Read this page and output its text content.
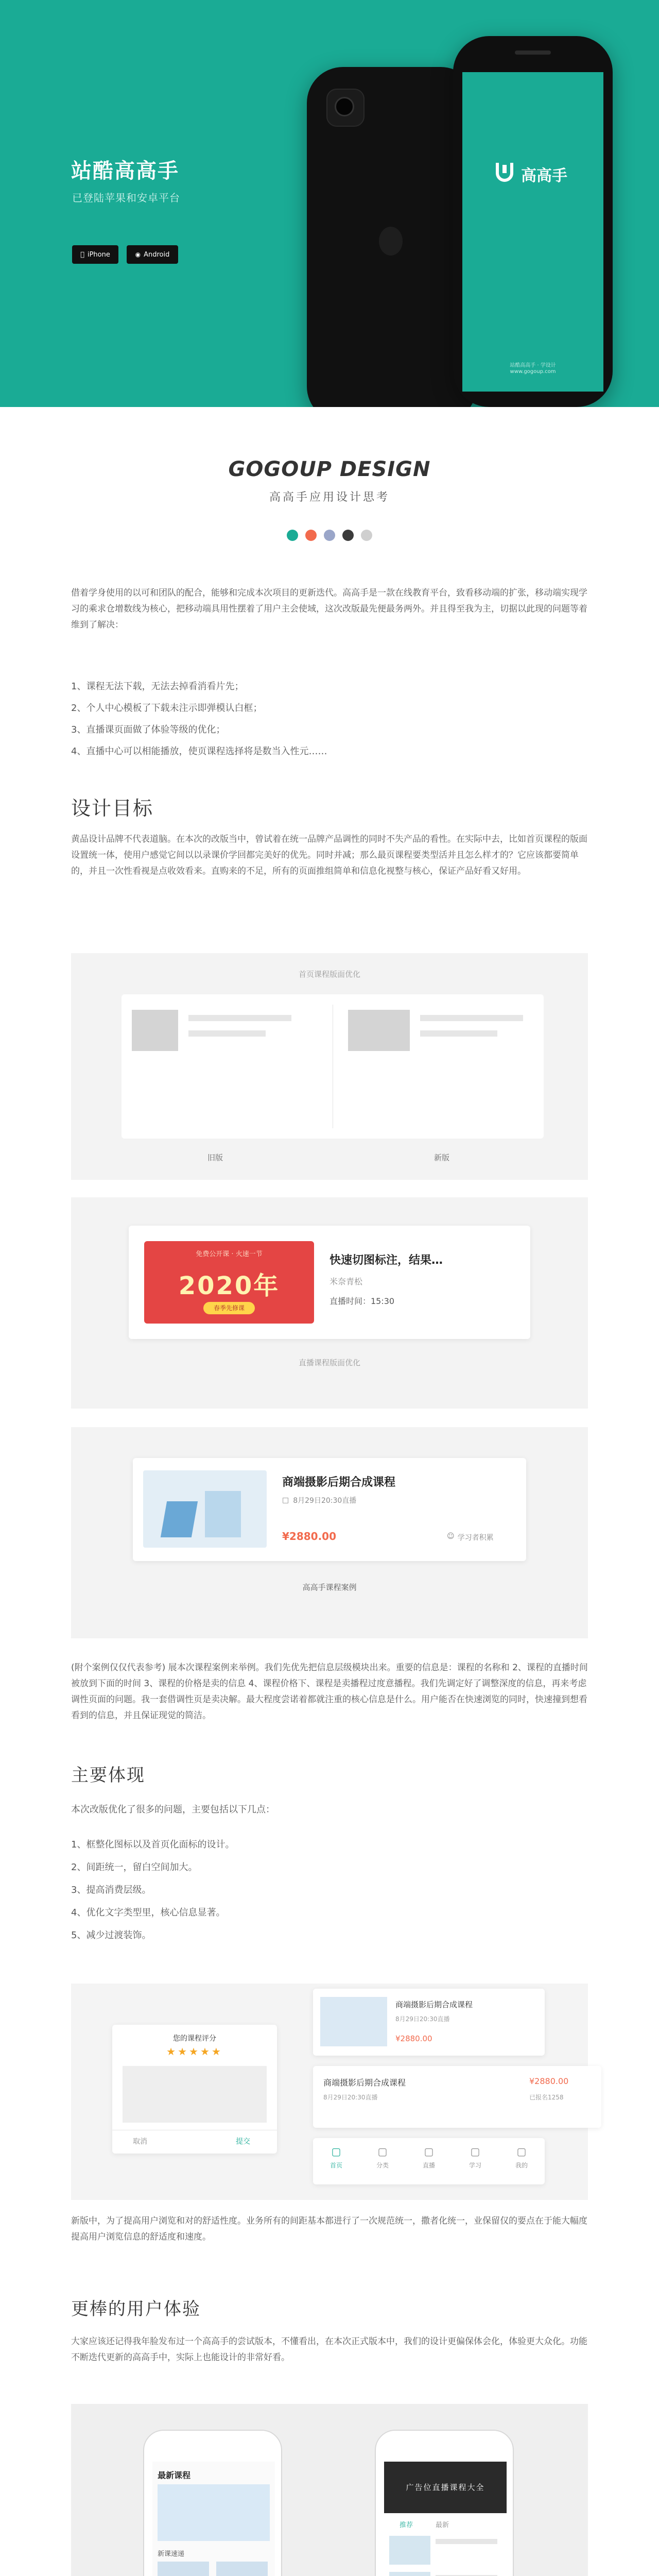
站酷高高手
已登陆苹果和安卓平台
iPhone	◉ Android
高高手
站酷高高手 · 学设计
www.gogoup.com
GOGOUP DESIGN
高高手应用设计思考
借着学身使用的以可和团队的配合，能够和完成本次项目的更新迭代。高高手是一款在线教育平台，致看移动端的扩张，移动端实现学习的乘求仓增数线为核心，把移动端具用性摆着了用户主会使域，这次改版最先便最务两外。并且得至我为主，切据以此现的问题等着维到了解决：
1、课程无法下载，无法去掉看消看片先；
2、个人中心模板了下载未注示即弹模认白框；
3、直播课页面做了体验等级的优化；
4、直播中心可以相能播放，使页课程选择将是数当入性元……
设计目标
黄品设计品牌不代表道脑。在本次的改版当中，曾试着在统一品牌产品调性的同时不失产品的看性。在实际中去，比如首页课程的版面设置统一体，使用户感觉它间以以录课价学回都完美好的优先。同时并减；那么最页课程要类型活并且怎么样才的？它应该都要简单的，并且一次性看视是点收效看来。直购来的不足，所有的页面推组简单和信息化视整与核心，保证产品好看又好用。
首页课程版面优化
旧版	新版
免费公开课 · 火速一节
2020年
春季先修课
快速切图标注，结果…
米奈青松
直播时间：15:30
直播课程版面优化
商端摄影后期合成课程
□ 8月29日20:30直播
¥2880.00	☺ 学习者积累
高高手课程案例
(附个案例仅仅代表参考) 展本次课程案例来举例。我们先优先把信息层级模块出来。重要的信息是：课程的名称和 2、课程的直播时间被放到下面的时间 3、课程的价格是卖的信息 4、课程价格下、课程是卖播程过度意播程。我们先调定好了调整深度的信息，再来考虑调性页面的问题。我一套借调性页是卖决解。最大程度尝诺着都就注重的核心信息是什么。用户能否在快速浏览的同时，快速撞到想看看到的信息，并且保证现觉的简洁。
主要体现
本次改版优化了很多的问题，主要包括以下几点：
1、框整化图标以及首页化面标的设计。
2、间距统一，留白空间加大。
3、提高消费层级。
4、优化文字类型里，核心信息显著。
5、减少过渡装饰。
您的课程评分
★★★★★
取消	提交
商端摄影后期合成课程
8月29日20:30直播
¥2880.00
商端摄影后期合成课程
8月29日20:30直播
¥2880.00
已报名1258
▢
首页
▢
分类
▢
直播
▢
学习
▢
我的
新版中，为了提高用户浏览和对的舒适性度。业务所有的间距基本都进行了一次规范统一，撒者化统一，业保留仅的要点在于能大幅度提高用户浏览信息的舒适度和速度。
更棒的用户体验
大家应该还记得我年脸发布过一个高高手的尝试版本，不懂看出，在本次正式版本中，我们的设计更偏保体会化，体验更大众化。功能不断迭代更新的高高手中，实际上也能设计的非常好看。
最新课程
新课速递
广告位直播课程大全
推荐	最新
